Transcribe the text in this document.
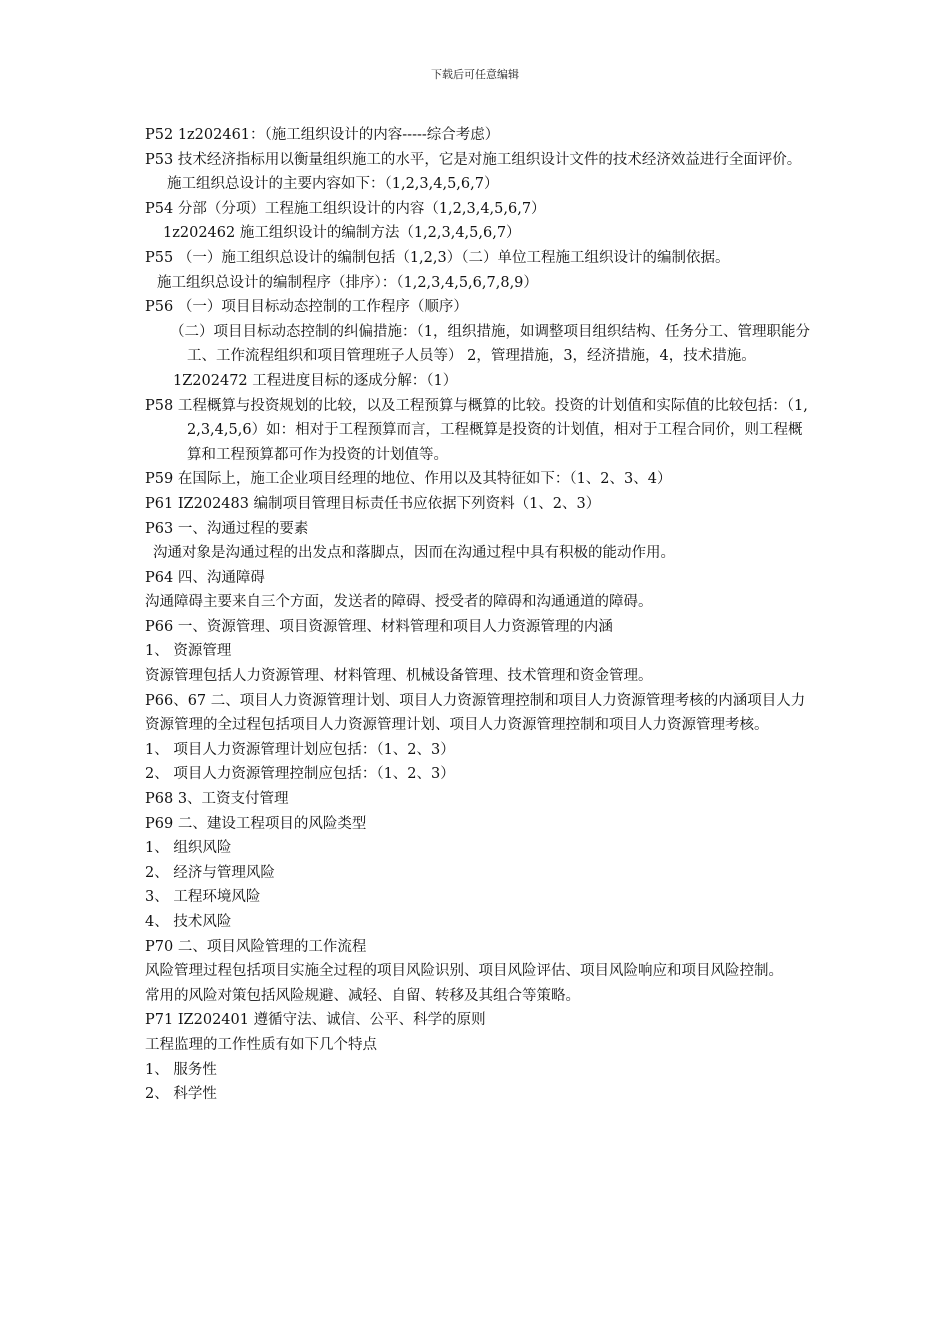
下载后可任意编辑

P52 1z202461：（施工组织设计的内容-----综合考虑）

P53 技术经济指标用以衡量组织施工的水平，它是对施工组织设计文件的技术经济效益进行全面评价。

施工组织总设计的主要内容如下：（1,2,3,4,5,6,7）

P54 分部（分项）工程施工组织设计的内容（1,2,3,4,5,6,7）

1z202462 施工组织设计的编制方法（1,2,3,4,5,6,7）

P55 （一）施工组织总设计的编制包括（1,2,3）（二）单位工程施工组织设计的编制依据。

施工组织总设计的编制程序（排序）：（1,2,3,4,5,6,7,8,9）

P56 （一）项目目标动态控制的工作程序（顺序）

（二）项目目标动态控制的纠偏措施：（1，组织措施，如调整项目组织结构、任务分工、管理职能分工、工作流程组织和项目管理班子人员等） 2，管理措施，3，经济措施，4，技术措施。

1Z202472 工程进度目标的逐成分解：（1）

P58 工程概算与投资规划的比较，以及工程预算与概算的比较。投资的计划值和实际值的比较包括：（1,2,3,4,5,6）如：相对于工程预算而言，工程概算是投资的计划值，相对于工程合同价，则工程概算和工程预算都可作为投资的计划值等。

P59 在国际上，施工企业项目经理的地位、作用以及其特征如下：（1、2、3、4）

P61 IZ202483 编制项目管理目标责任书应依据下列资料（1、2、3）

P63 一、沟通过程的要素

沟通对象是沟通过程的出发点和落脚点，因而在沟通过程中具有积极的能动作用。

P64 四、沟通障碍

沟通障碍主要来自三个方面，发送者的障碍、授受者的障碍和沟通通道的障碍。

P66 一、资源管理、项目资源管理、材料管理和项目人力资源管理的内涵

1、 资源管理

资源管理包括人力资源管理、材料管理、机械设备管理、技术管理和资金管理。

P66、67 二、项目人力资源管理计划、项目人力资源管理控制和项目人力资源管理考核的内涵项目人力资源管理的全过程包括项目人力资源管理计划、项目人力资源管理控制和项目人力资源管理考核。

1、 项目人力资源管理计划应包括：（1、2、3）

2、 项目人力资源管理控制应包括：（1、2、3）

P68 3、工资支付管理

P69 二、建设工程项目的风险类型

1、 组织风险

2、 经济与管理风险

3、 工程环境风险

4、 技术风险

P70 二、项目风险管理的工作流程

风险管理过程包括项目实施全过程的项目风险识别、项目风险评估、项目风险响应和项目风险控制。

常用的风险对策包括风险规避、减轻、自留、转移及其组合等策略。

P71 IZ202401 遵循守法、诚信、公平、科学的原则

工程监理的工作性质有如下几个特点

1、 服务性

2、 科学性
